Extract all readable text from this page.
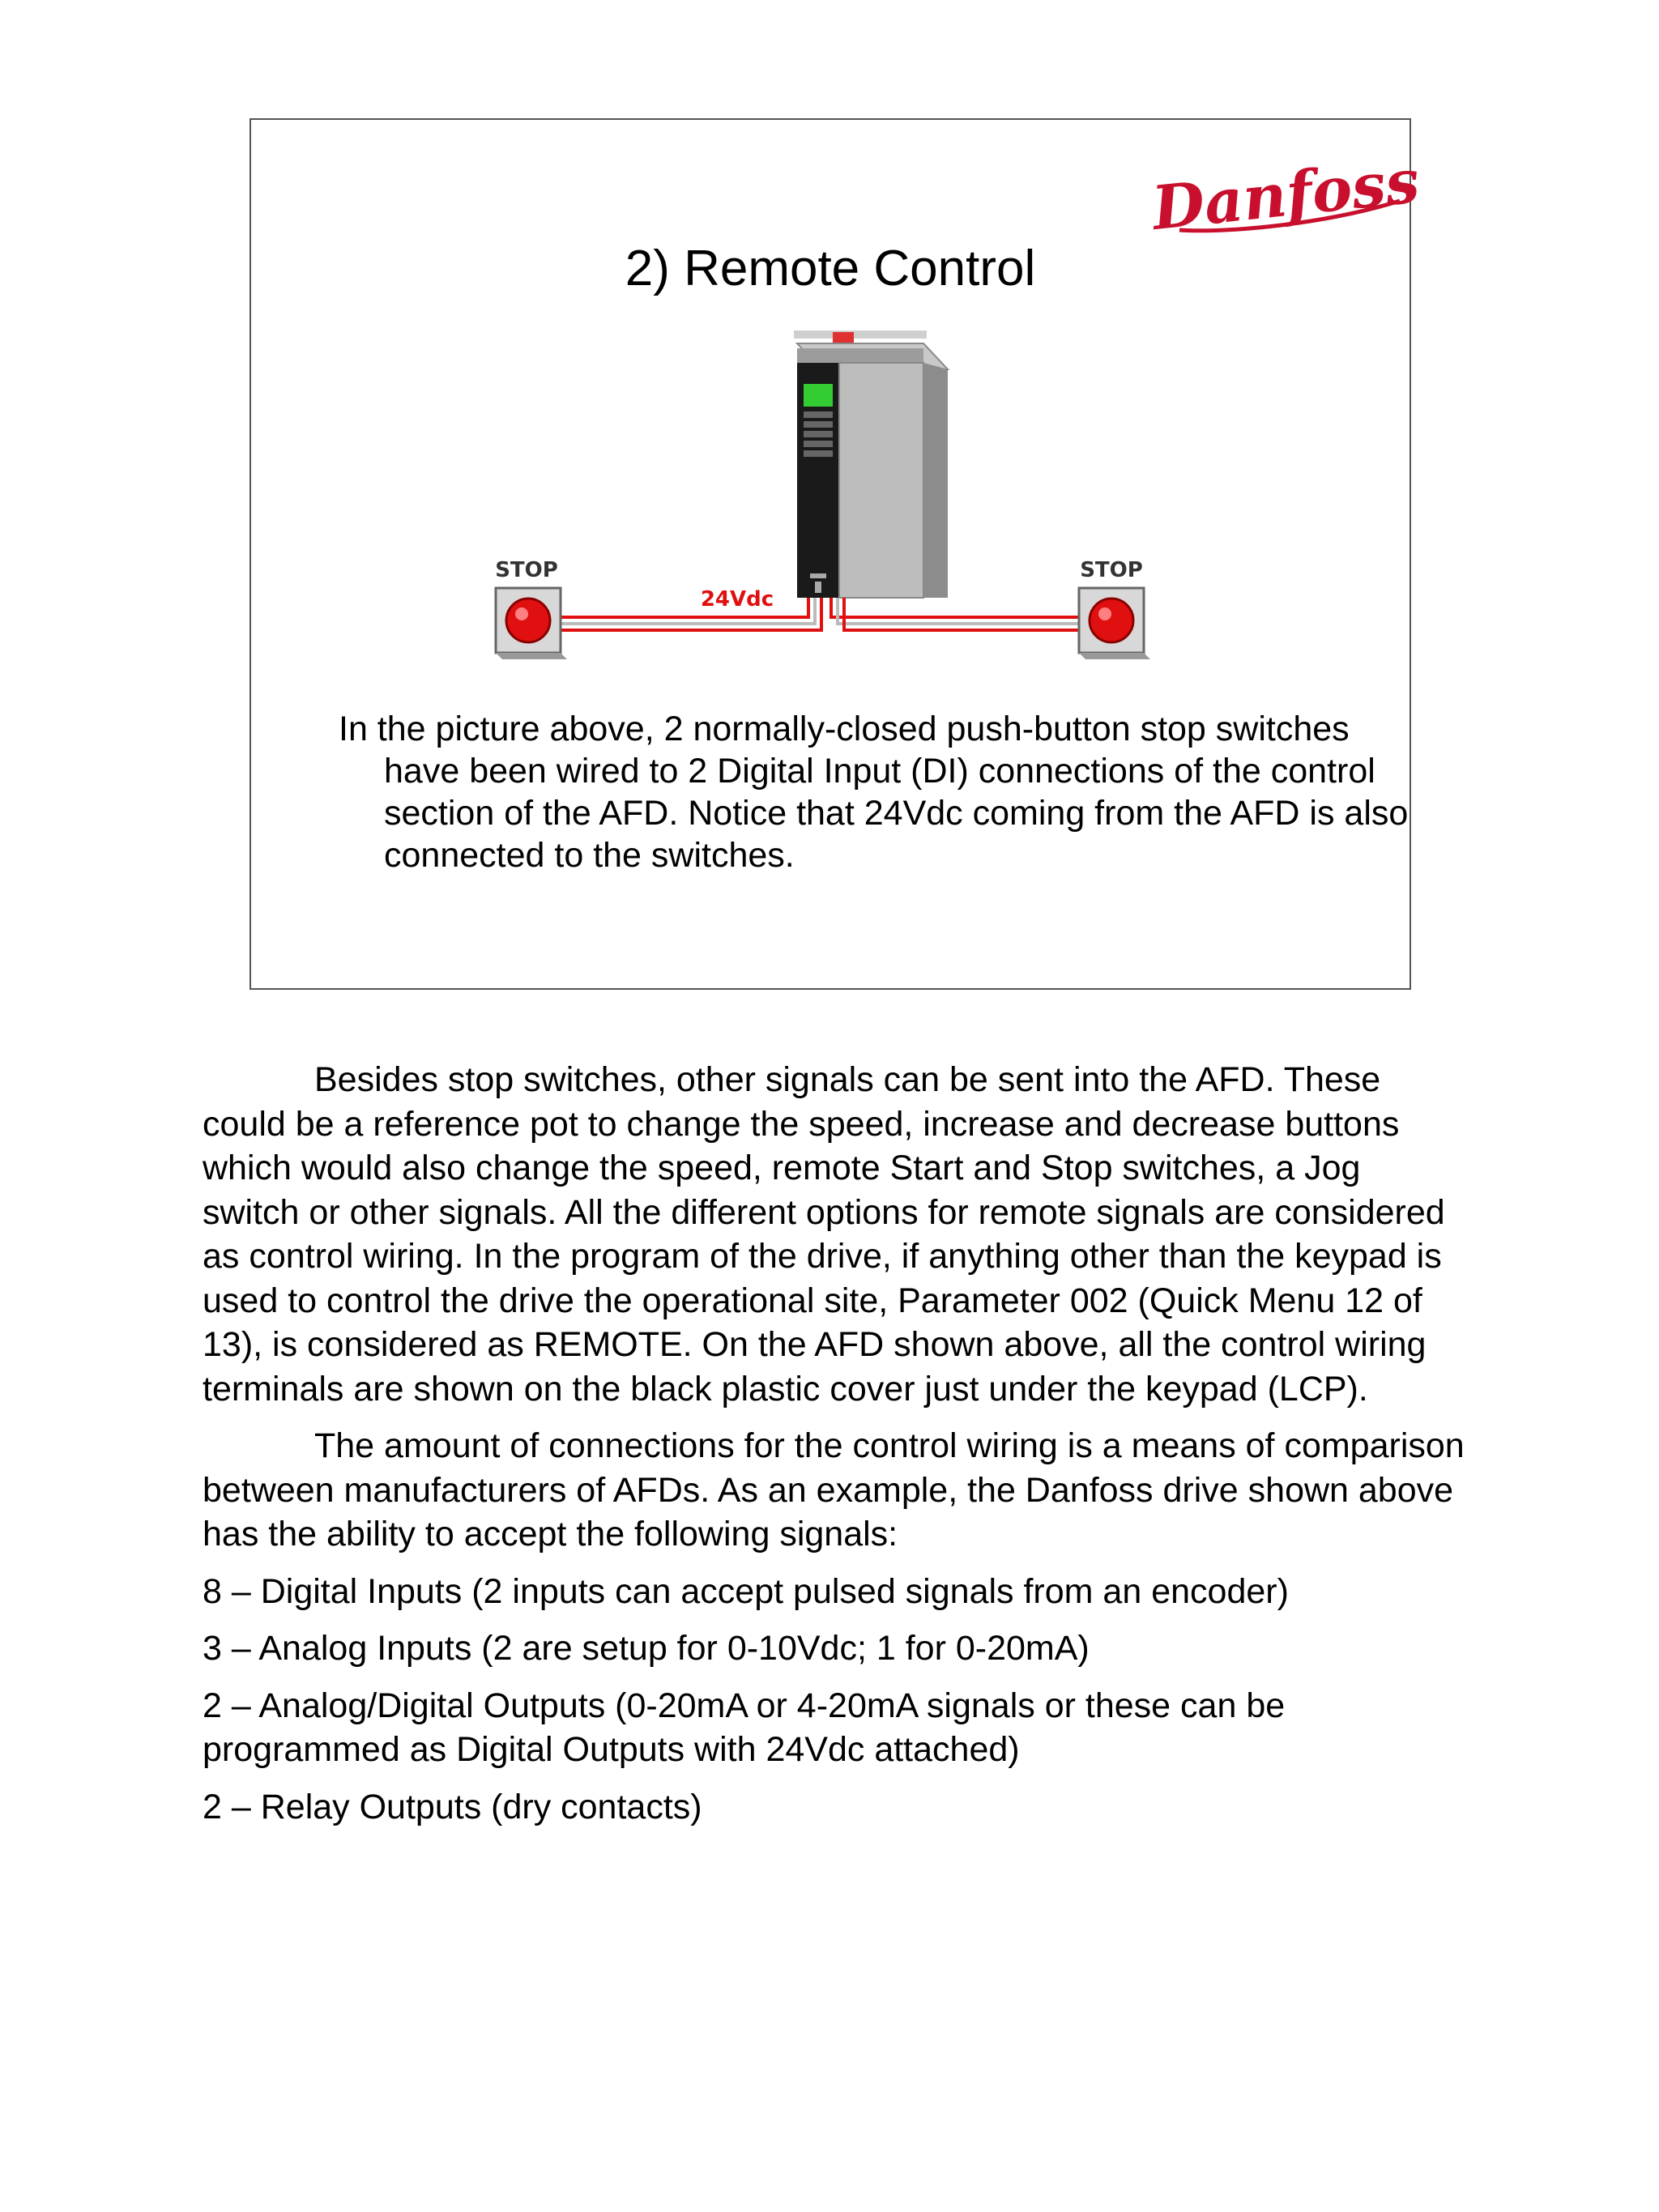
Danfoss
2) Remote Control
24Vdc
STOP	STOP
In the picture above, 2 normally-closed push-button stop switches have been wired to 2 Digital Input (DI) connections of the control section of the AFD. Notice that 24Vdc coming from the AFD is also connected to the switches.

Besides stop switches, other signals can be sent into the AFD. These could be a reference pot to change the speed, increase and decrease buttons which would also change the speed, remote Start and Stop switches, a Jog switch or other signals. All the different options for remote signals are considered as control wiring. In the program of the drive, if anything other than the keypad is used to control the drive the operational site, Parameter 002 (Quick Menu 12 of 13), is considered as REMOTE. On the AFD shown above, all the control wiring terminals are shown on the black plastic cover just under the keypad (LCP).

The amount of connections for the control wiring is a means of comparison between manufacturers of AFDs. As an example, the Danfoss drive shown above has the ability to accept the following signals:

8 – Digital Inputs (2 inputs can accept pulsed signals from an encoder)

3 – Analog Inputs (2 are setup for 0-10Vdc; 1 for 0-20mA)

2 – Analog/Digital Outputs (0-20mA or 4-20mA signals or these can be programmed as Digital Outputs with 24Vdc attached)

2 – Relay Outputs (dry contacts)
